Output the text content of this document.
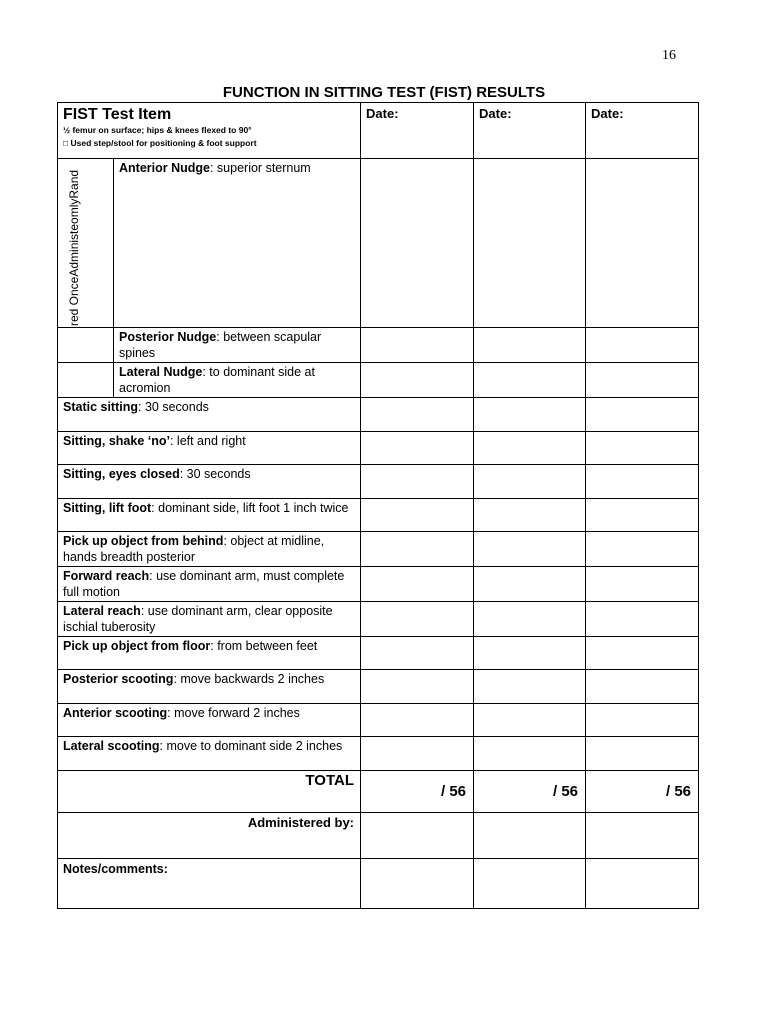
16
FUNCTION IN SITTING TEST (FIST) RESULTS
FIST Test Item
½ femur on surface; hips & knees flexed to 90°
□ Used step/stool for positioning & foot support		Date:	Date:	Date:

red OnceAdministeomlyRand	Anterior Nudge: superior sternum			
	Posterior Nudge: between scapular spines			
	Lateral Nudge: to dominant side at acromion			
Static sitting: 30 seconds				
Sitting, shake ‘no’: left and right				
Sitting, eyes closed: 30 seconds				
Sitting, lift foot: dominant side, lift foot 1 inch twice				
Pick up object from behind: object at midline, hands breadth posterior				
Forward reach: use dominant arm, must complete full motion				
Lateral reach: use dominant arm, clear opposite ischial tuberosity				
Pick up object from floor: from between feet				
Posterior scooting: move backwards 2 inches				
Anterior scooting: move forward 2 inches				
Lateral scooting: move to dominant side 2 inches				
TOTAL		/ 56	/ 56	/ 56
Administered by:				
Notes/comments:				
